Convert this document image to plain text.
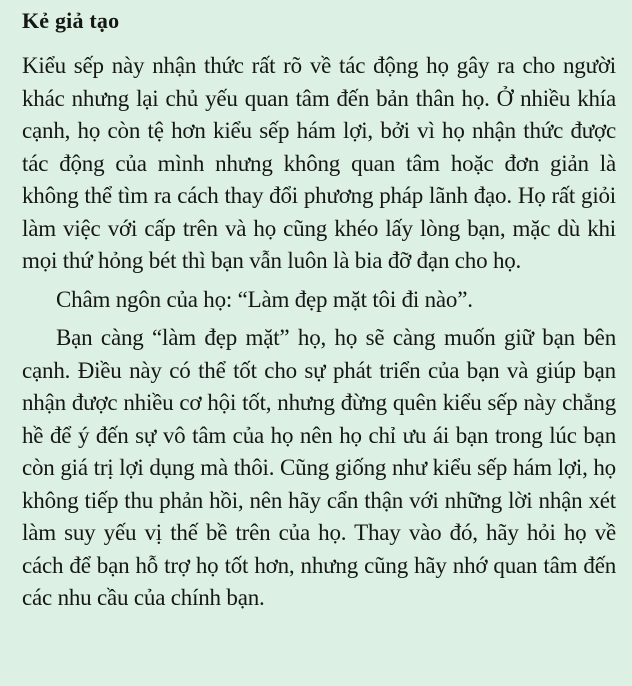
Kẻ giả tạo

Kiểu sếp này nhận thức rất rõ về tác động họ gây ra cho người khác nhưng lại chủ yếu quan tâm đến bản thân họ. Ở nhiều khía cạnh, họ còn tệ hơn kiểu sếp hám lợi, bởi vì họ nhận thức được tác động của mình nhưng không quan tâm hoặc đơn giản là không thể tìm ra cách thay đổi phương pháp lãnh đạo. Họ rất giỏi làm việc với cấp trên và họ cũng khéo lấy lòng bạn, mặc dù khi mọi thứ hỏng bét thì bạn vẫn luôn là bia đỡ đạn cho họ.

Châm ngôn của họ: “Làm đẹp mặt tôi đi nào”.

Bạn càng “làm đẹp mặt” họ, họ sẽ càng muốn giữ bạn bên cạnh. Điều này có thể tốt cho sự phát triển của bạn và giúp bạn nhận được nhiều cơ hội tốt, nhưng đừng quên kiểu sếp này chẳng hề để ý đến sự vô tâm của họ nên họ chỉ ưu ái bạn trong lúc bạn còn giá trị lợi dụng mà thôi. Cũng giống như kiểu sếp hám lợi, họ không tiếp thu phản hồi, nên hãy cẩn thận với những lời nhận xét làm suy yếu vị thế bề trên của họ. Thay vào đó, hãy hỏi họ về cách để bạn hỗ trợ họ tốt hơn, nhưng cũng hãy nhớ quan tâm đến các nhu cầu của chính bạn.
